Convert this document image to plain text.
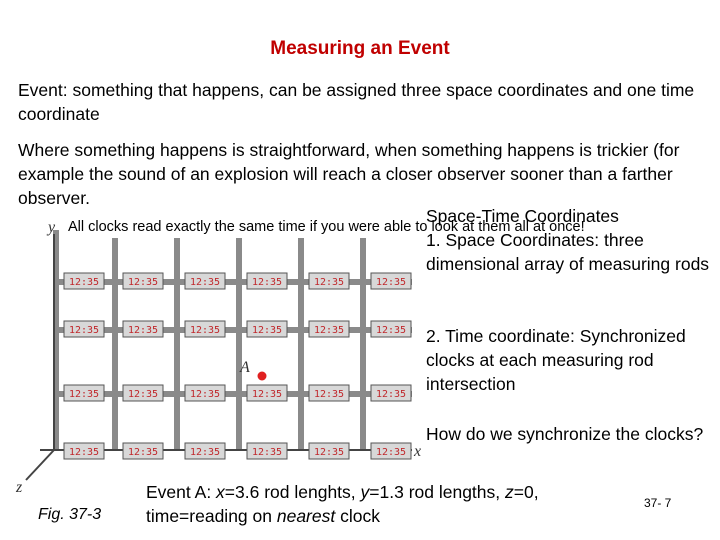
Measuring an Event
Event: something that happens, can be assigned three space coordinates and one time coordinate
Where something happens is straightforward, when something happens is trickier (for example the sound of an explosion will reach a closer observer sooner than a farther observer.
12:35	12:35	12:35	12:35	12:35	12:35
12:35	12:35	12:35	12:35	12:35	12:35
12:35	12:35	12:35	12:35	12:35	12:35
12:35	12:35	12:35	12:35	12:35	12:35
A
x
y
z
All clocks read exactly the same time if you were able to look at them all at once!
Space-Time Coordinates
1. Space Coordinates: three dimensional array of measuring rods
2. Time coordinate: Synchronized clocks at each measuring rod intersection
How do we synchronize the clocks?
Event A: x=3.6 rod lenghts, y=1.3 rod lengths, z=0,
time=reading on nearest clock
Fig. 37-3
37- 7
